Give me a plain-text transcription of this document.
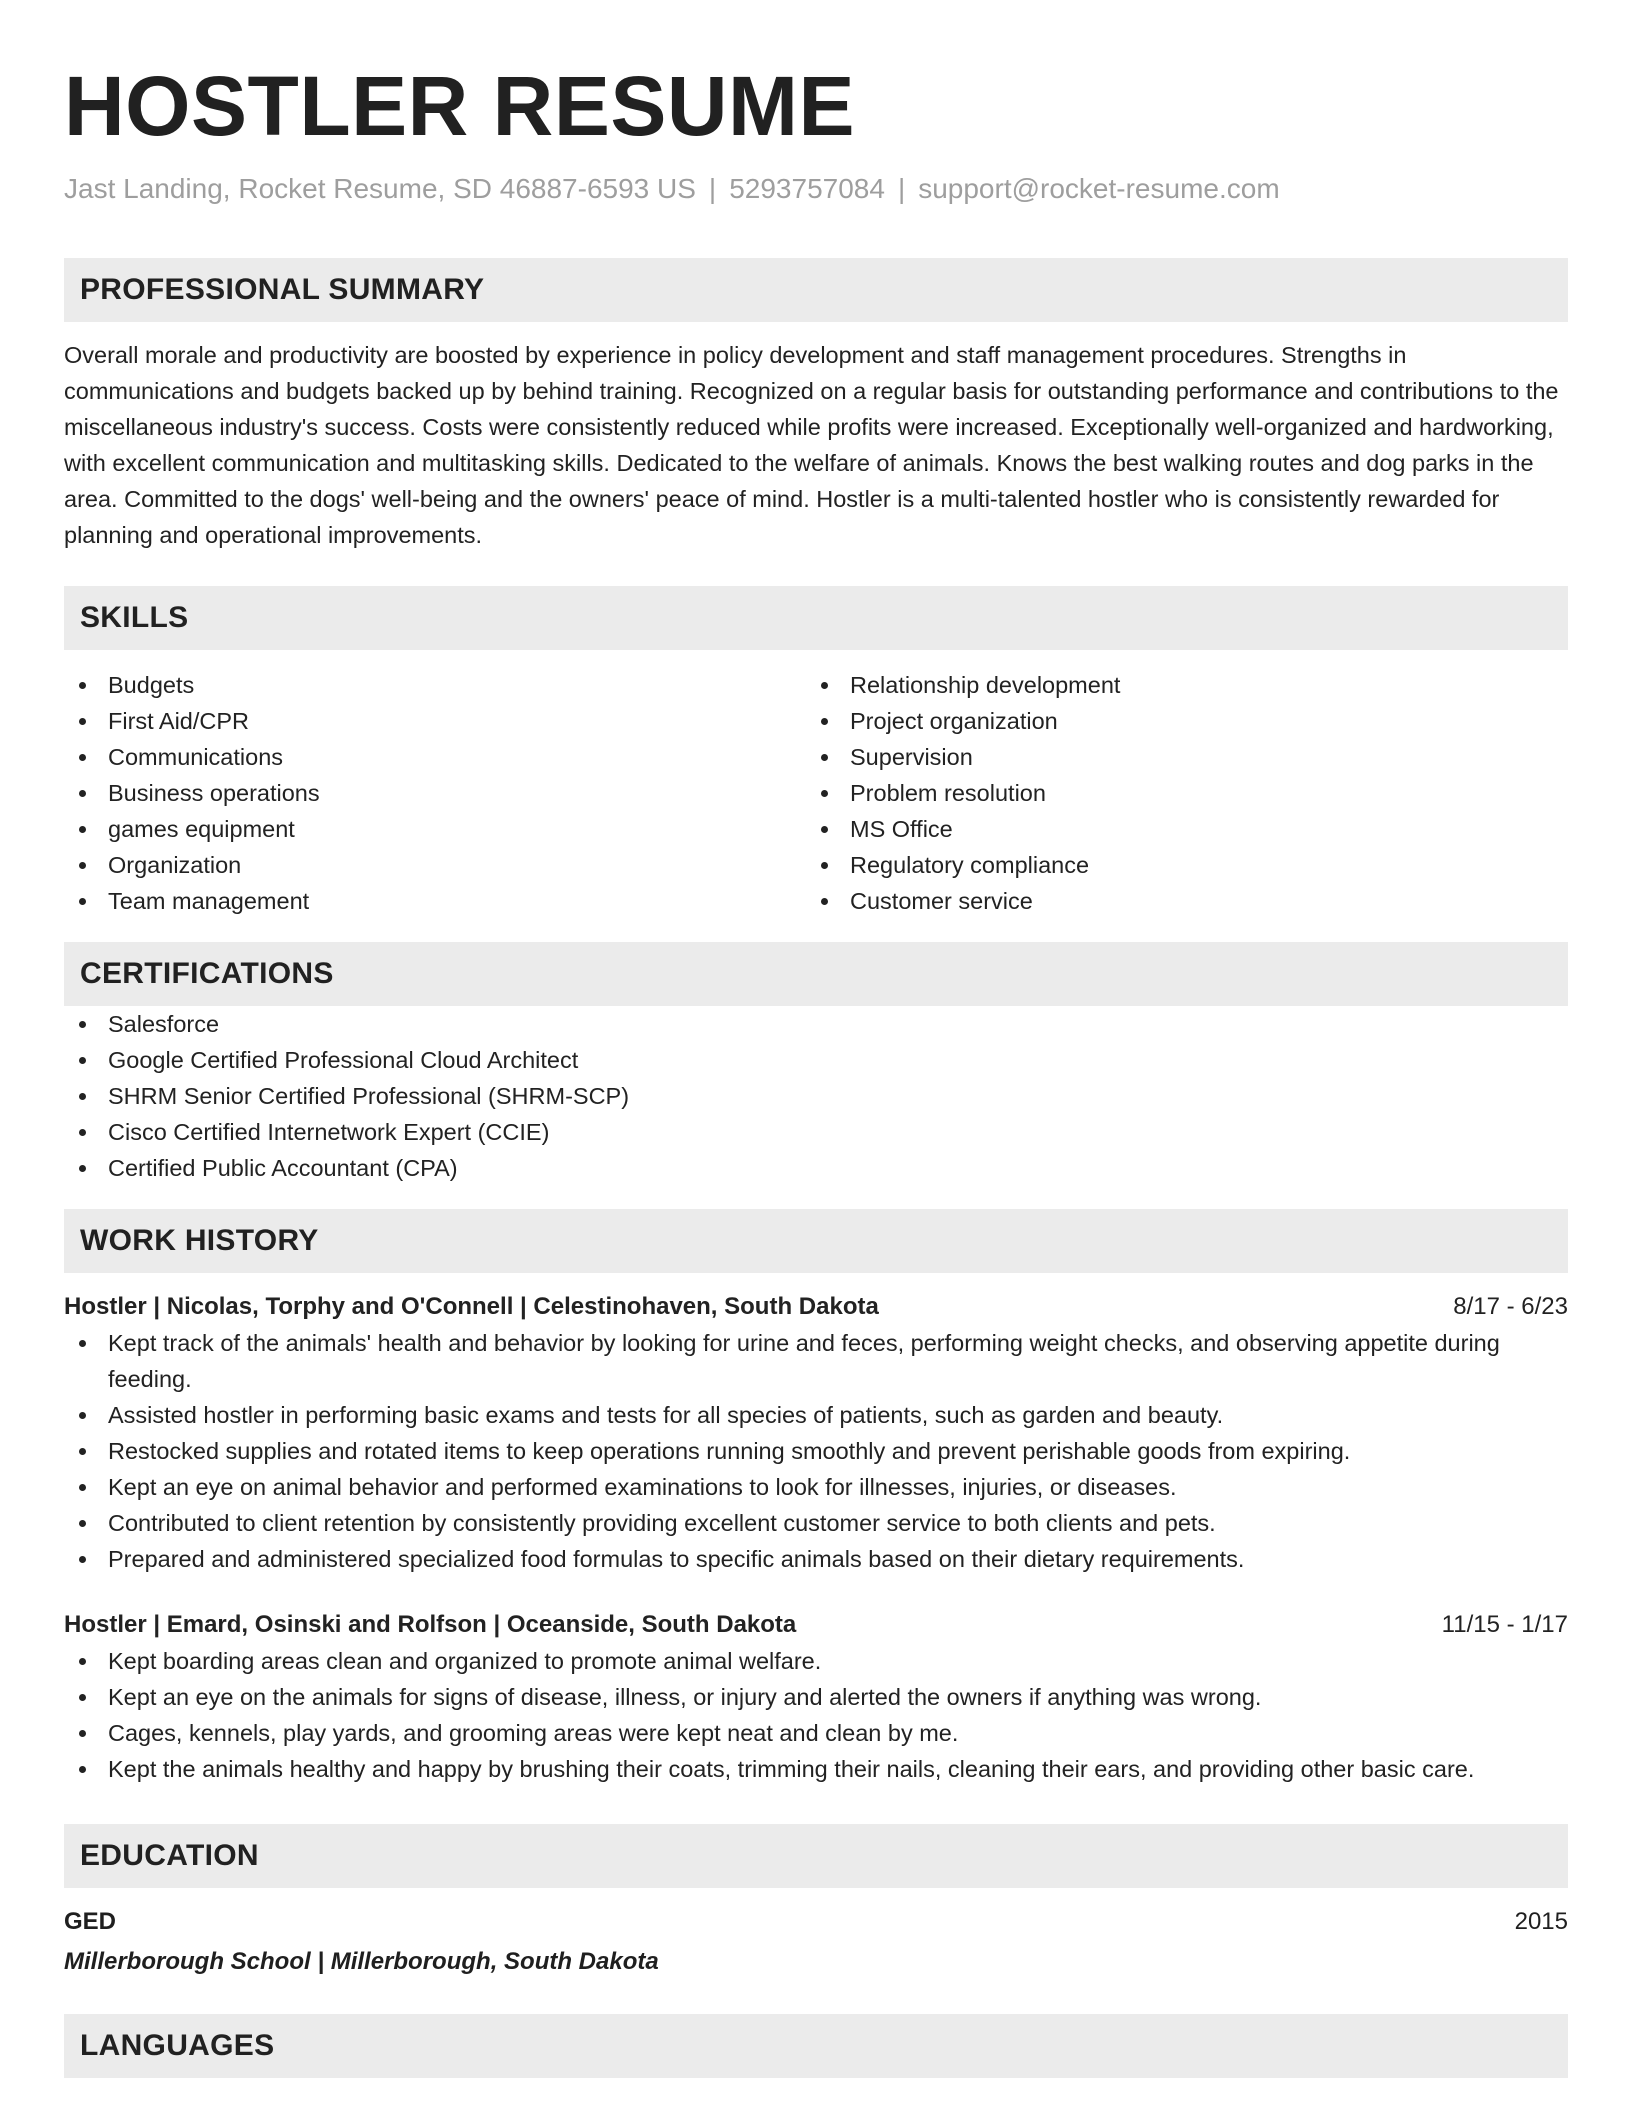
HOSTLER RESUME
Jast Landing, Rocket Resume, SD 46887-6593 US | 5293757084 | support@rocket-resume.com
PROFESSIONAL SUMMARY

Overall morale and productivity are boosted by experience in policy development and staff management procedures. Strengths in communications and budgets backed up by behind training. Recognized on a regular basis for outstanding performance and contributions to the miscellaneous industry's success. Costs were consistently reduced while profits were increased. Exceptionally well-organized and hardworking, with excellent communication and multitasking skills. Dedicated to the welfare of animals. Knows the best walking routes and dog parks in the area. Committed to the dogs' well-being and the owners' peace of mind. Hostler is a multi-talented hostler who is consistently rewarded for planning and operational improvements.

SKILLS
Budgets
First Aid/CPR
Communications
Business operations
games equipment
Organization
Team management
Relationship development
Project organization
Supervision
Problem resolution
MS Office
Regulatory compliance
Customer service
CERTIFICATIONS
Salesforce
Google Certified Professional Cloud Architect
SHRM Senior Certified Professional (SHRM-SCP)
Cisco Certified Internetwork Expert (CCIE)
Certified Public Accountant (CPA)
WORK HISTORY
Hostler | Nicolas, Torphy and O'Connell | Celestinohaven, South Dakota	8/17 - 6/23
Kept track of the animals' health and behavior by looking for urine and feces, performing weight checks, and observing appetite during feeding.
Assisted hostler in performing basic exams and tests for all species of patients, such as garden and beauty.
Restocked supplies and rotated items to keep operations running smoothly and prevent perishable goods from expiring.
Kept an eye on animal behavior and performed examinations to look for illnesses, injuries, or diseases.
Contributed to client retention by consistently providing excellent customer service to both clients and pets.
Prepared and administered specialized food formulas to specific animals based on their dietary requirements.
Hostler | Emard, Osinski and Rolfson | Oceanside, South Dakota	11/15 - 1/17
Kept boarding areas clean and organized to promote animal welfare.
Kept an eye on the animals for signs of disease, illness, or injury and alerted the owners if anything was wrong.
Cages, kennels, play yards, and grooming areas were kept neat and clean by me.
Kept the animals healthy and happy by brushing their coats, trimming their nails, cleaning their ears, and providing other basic care.
EDUCATION
GED	2015
Millerborough School | Millerborough, South Dakota
LANGUAGES
